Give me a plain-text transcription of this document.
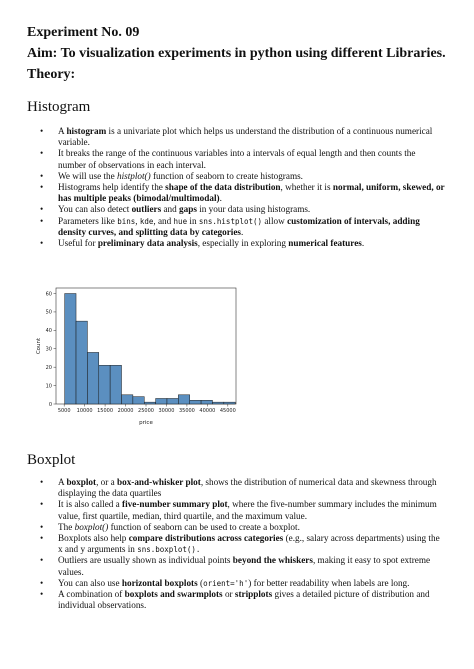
Experiment No. 09
Aim: To visualization experiments in python using different Libraries.
Theory:
Histogram
• A histogram is a univariate plot which helps us understand the distribution of a continuous numerical variable.
• It breaks the range of the continuous variables into a intervals of equal length and then counts the number of observations in each interval.
• We will use the histplot() function of seaborn to create histograms.
• Histograms help identify the shape of the data distribution, whether it is normal, uniform, skewed, or has multiple peaks (bimodal/multimodal).
• You can also detect outliers and gaps in your data using histograms.
• Parameters like bins, kde, and hue in sns.histplot() allow customization of intervals, adding density curves, and splitting data by categories.
• Useful for preliminary data analysis, especially in exploring numerical features.
5000 10000 15000 20000 25000 30000 35000 40000 45000
0
10
20
30
40
50
60
price
Count
Boxplot
• A boxplot, or a box-and-whisker plot, shows the distribution of numerical data and skewness through displaying the data quartiles
• It is also called a five-number summary plot, where the five-number summary includes the minimum value, first quartile, median, third quartile, and the maximum value.
• The boxplot() function of seaborn can be used to create a boxplot.
• Boxplots also help compare distributions across categories (e.g., salary across departments) using the x and y arguments in sns.boxplot().
• Outliers are usually shown as individual points beyond the whiskers, making it easy to spot extreme values.
• You can also use horizontal boxplots (orient='h') for better readability when labels are long.
• A combination of boxplots and swarmplots or stripplots gives a detailed picture of distribution and individual observations.
